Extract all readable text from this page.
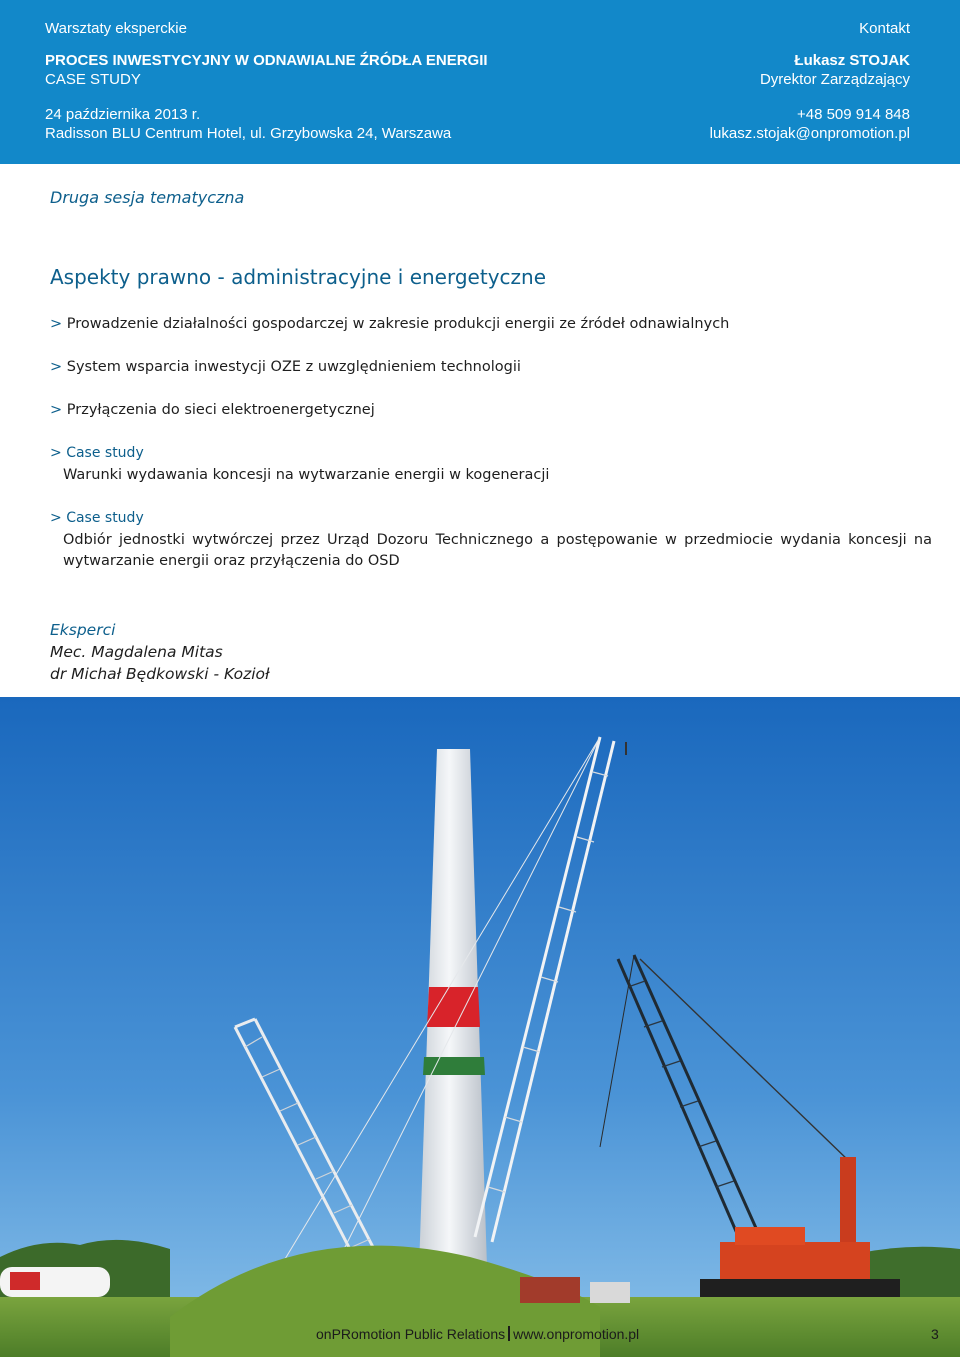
Warsztaty eksperckie
PROCES INWESTYCYJNY W ODNAWIALNE ŹRÓDŁA ENERGII
CASE STUDY
24 października 2013 r.
Radisson BLU Centrum Hotel, ul. Grzybowska 24, Warszawa
Kontakt
Łukasz STOJAK
Dyrektor Zarządzający
+48 509 914 848
lukasz.stojak@onpromotion.pl
Druga sesja tematyczna
Aspekty prawno - administracyjne i energetyczne
> Prowadzenie działalności gospodarczej w zakresie produkcji energii ze źródeł odnawialnych
> System wsparcia inwestycji OZE z uwzględnieniem technologii
> Przyłączenia do sieci elektroenergetycznej
> Case study
Warunki wydawania koncesji na wytwarzanie energii w kogeneracji
> Case study
Odbiór jednostki wytwórczej przez Urząd Dozoru Technicznego a postępowanie w przedmiocie wydania koncesji na wytwarzanie energii oraz przyłączenia do OSD
Eksperci
Mec. Magdalena Mitas
dr Michał Będkowski - Kozioł
onPRomotion Public Relations www.onpromotion.pl	3
